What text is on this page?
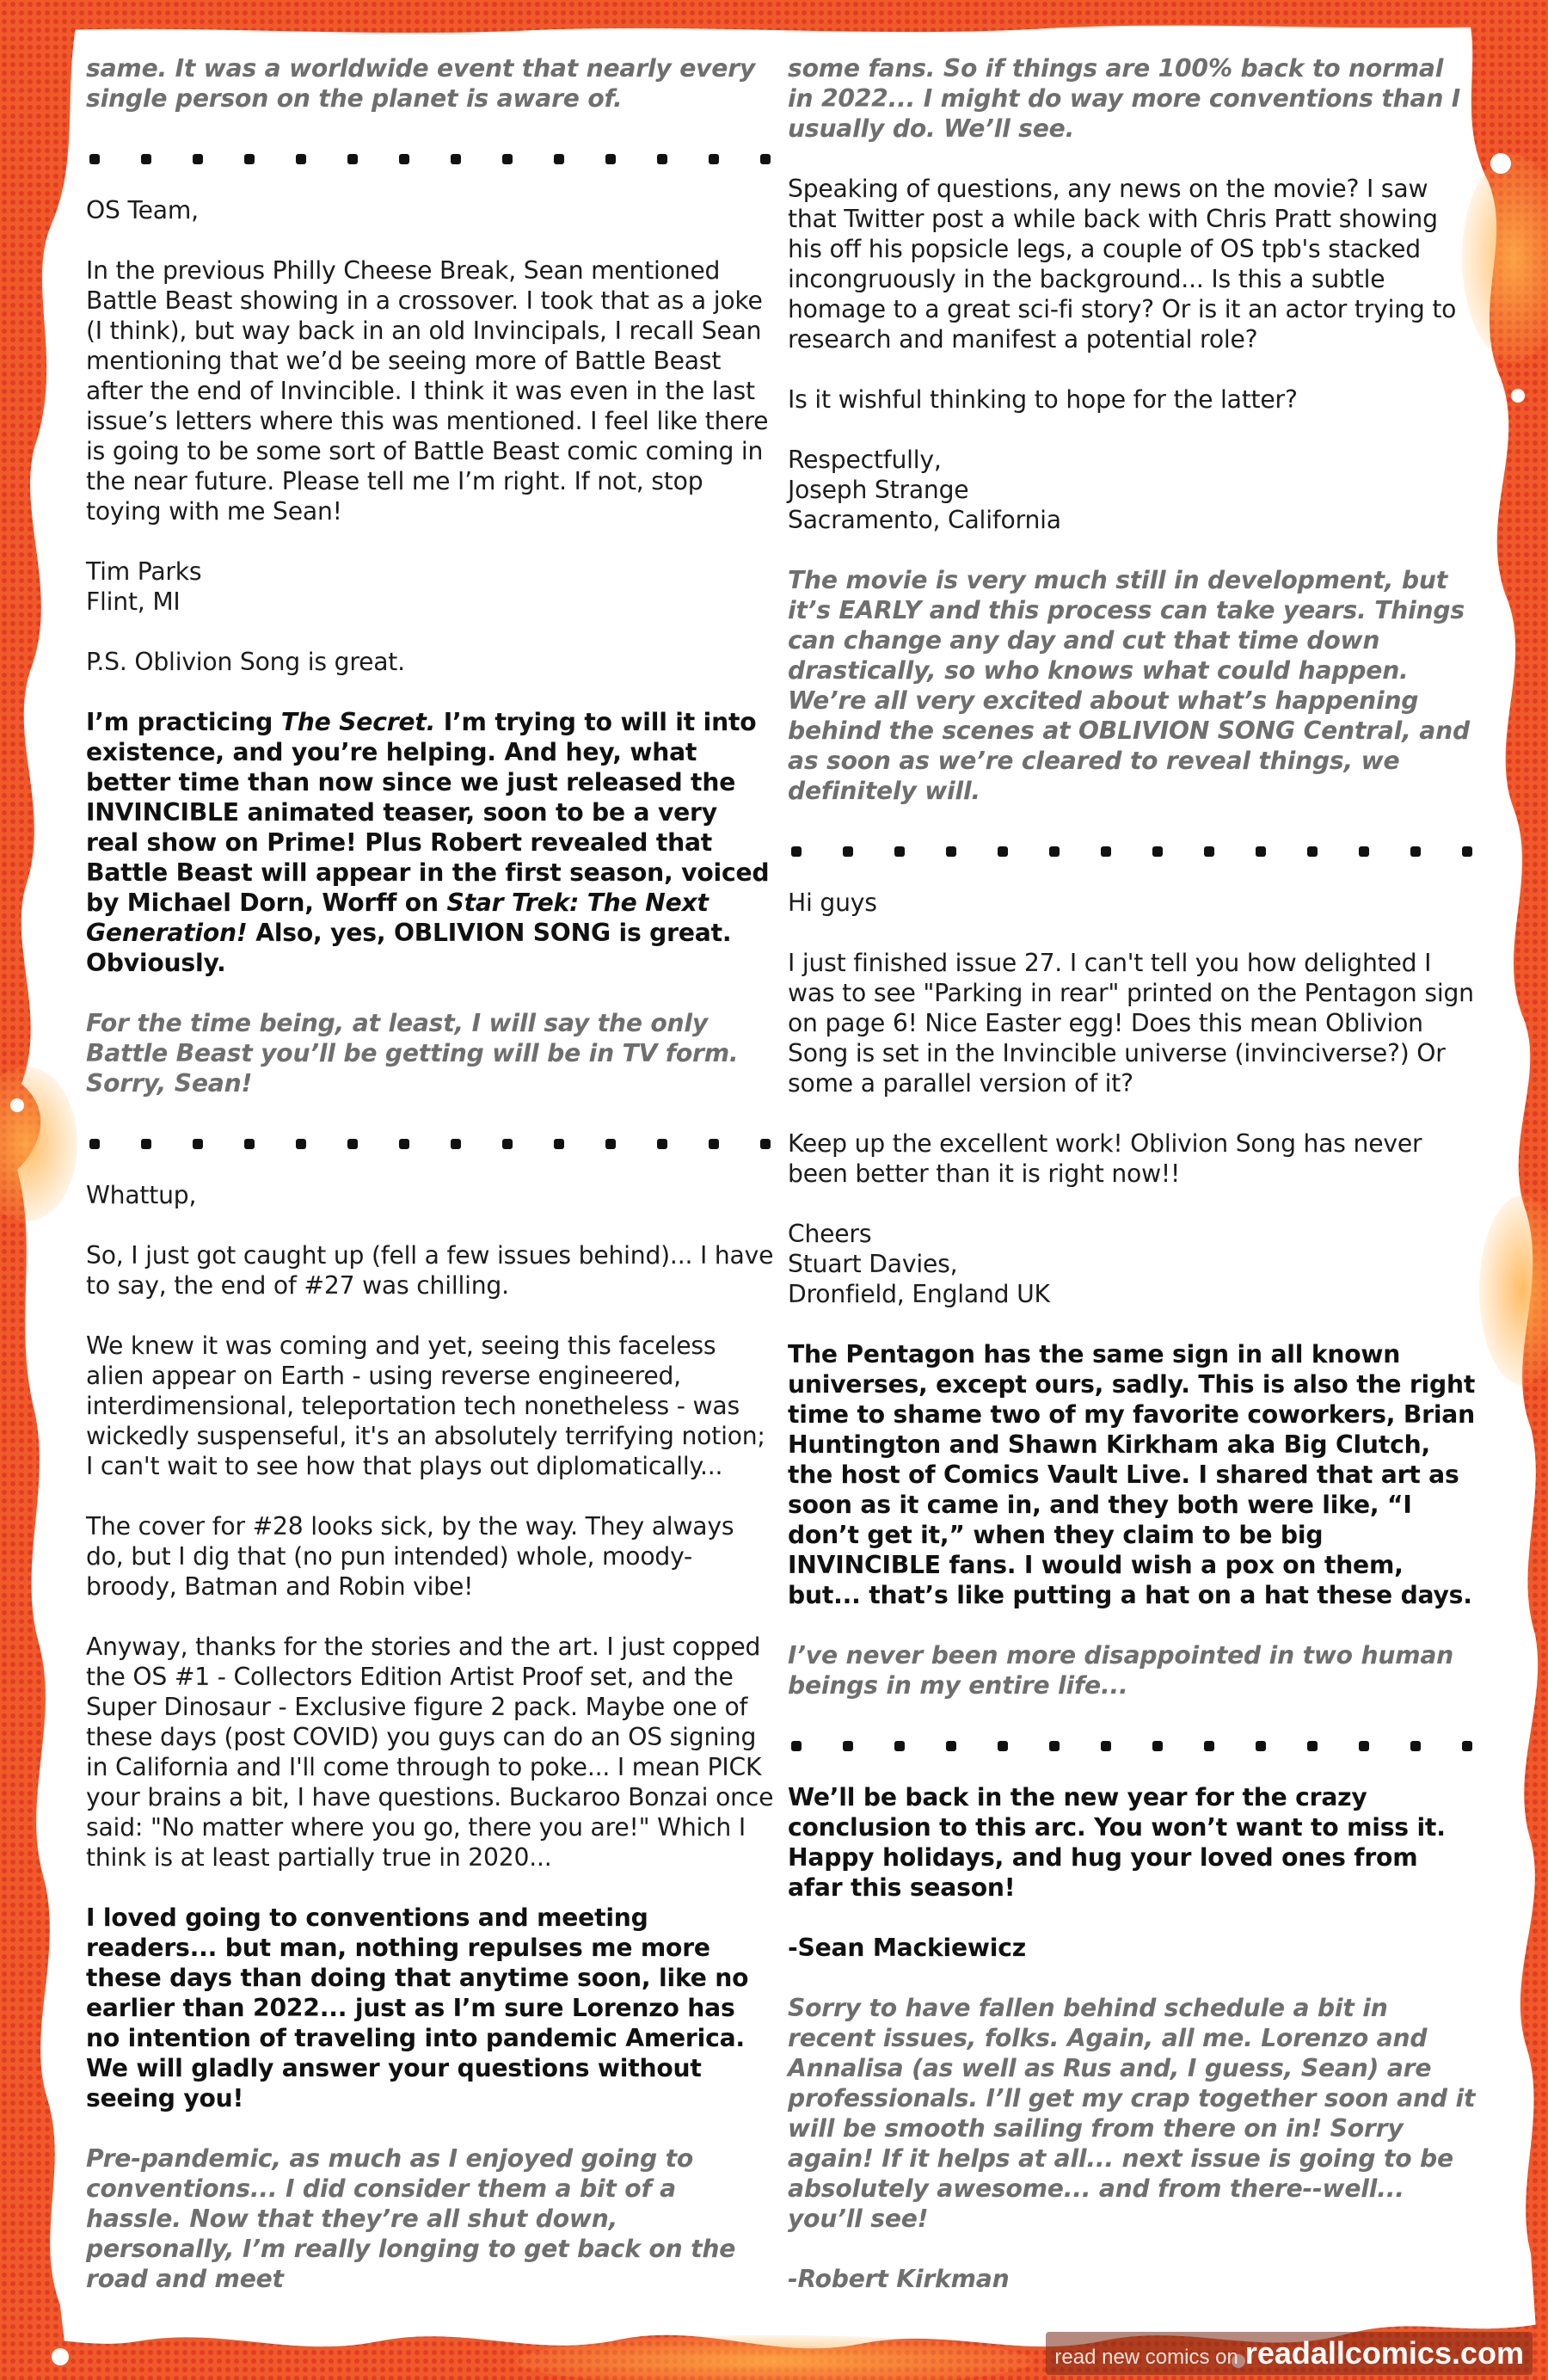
same. It was a worldwide event that nearly every single person on the planet is aware of.

OS Team,

In the previous Philly Cheese Break, Sean mentioned Battle Beast showing in a crossover. I took that as a joke (I think), but way back in an old Invincipals, I recall Sean mentioning that we’d be seeing more of Battle Beast after the end of Invincible. I think it was even in the last issue’s letters where this was mentioned. I feel like there is going to be some sort of Battle Beast comic coming in the near future. Please tell me I’m right. If not, stop toying with me Sean!

Tim Parks

Flint, MI

P.S. Oblivion Song is great.

I’m practicing The Secret. I’m trying to will it into existence, and you’re helping. And hey, what better time than now since we just released the INVINCIBLE animated teaser, soon to be a very real show on Prime! Plus Robert revealed that Battle Beast will appear in the first season, voiced by Michael Dorn, Worff on Star Trek: The Next Generation! Also, yes, OBLIVION SONG is great. Obviously.

For the time being, at least, I will say the only Battle Beast you’ll be getting will be in TV form. Sorry, Sean!

Whattup,

So, I just got caught up (fell a few issues behind)... I have to say, the end of #27 was chilling.

We knew it was coming and yet, seeing this faceless alien appear on Earth - using reverse engineered, interdimensional, teleportation tech nonetheless - was wickedly suspenseful, it's an absolutely terrifying notion; I can't wait to see how that plays out diplomatically...

The cover for #28 looks sick, by the way. They always do, but I dig that (no pun intended) whole, moody-broody, Batman and Robin vibe!

Anyway, thanks for the stories and the art. I just copped the OS #1 - Collectors Edition Artist Proof set, and the Super Dinosaur - Exclusive figure 2 pack. Maybe one of these days (post COVID) you guys can do an OS signing in California and I'll come through to poke... I mean PICK your brains a bit, I have questions. Buckaroo Bonzai once said: "No matter where you go, there you are!" Which I think is at least partially true in 2020...

I loved going to conventions and meeting readers... but man, nothing repulses me more these days than doing that anytime soon, like no earlier than 2022... just as I’m sure Lorenzo has no intention of traveling into pandemic America. We will gladly answer your questions without seeing you!

Pre-pandemic, as much as I enjoyed going to conventions... I did consider them a bit of a hassle. Now that they’re all shut down, personally, I’m really longing to get back on the road and meet

some fans. So if things are 100% back to normal in 2022... I might do way more conventions than I usually do. We’ll see.

Speaking of questions, any news on the movie? I saw that Twitter post a while back with Chris Pratt showing his off his popsicle legs, a couple of OS tpb's stacked incongruously in the background... Is this a subtle homage to a great sci-fi story? Or is it an actor trying to research and manifest a potential role?

Is it wishful thinking to hope for the latter?

Respectfully,

Joseph Strange

Sacramento, California

The movie is very much still in development, but it’s EARLY and this process can take years. Things can change any day and cut that time down drastically, so who knows what could happen. We’re all very excited about what’s happening behind the scenes at OBLIVION SONG Central, and as soon as we’re cleared to reveal things, we definitely will.

Hi guys

I just finished issue 27. I can't tell you how delighted I was to see "Parking in rear" printed on the Pentagon sign on page 6! Nice Easter egg! Does this mean Oblivion Song is set in the Invincible universe (invinciverse?) Or some a parallel version of it?

Keep up the excellent work! Oblivion Song has never been better than it is right now!!

Cheers

Stuart Davies,

Dronfield, England UK

The Pentagon has the same sign in all known universes, except ours, sadly. This is also the right time to shame two of my favorite coworkers, Brian Huntington and Shawn Kirkham aka Big Clutch, the host of Comics Vault Live. I shared that art as soon as it came in, and they both were like, “I don’t get it,” when they claim to be big INVINCIBLE fans. I would wish a pox on them, but... that’s like putting a hat on a hat these days.

I’ve never been more disappointed in two human beings in my entire life...

We’ll be back in the new year for the crazy conclusion to this arc. You won’t want to miss it. Happy holidays, and hug your loved ones from afar this season!

-Sean Mackiewicz

Sorry to have fallen behind schedule a bit in recent issues, folks. Again, all me. Lorenzo and Annalisa (as well as Rus and, I guess, Sean) are professionals. I’ll get my crap together soon and it will be smooth sailing from there on in! Sorry again! If it helps at all... next issue is going to be absolutely awesome... and from there--well... you’ll see!

-Robert Kirkman

read new comics on readallcomics.com
